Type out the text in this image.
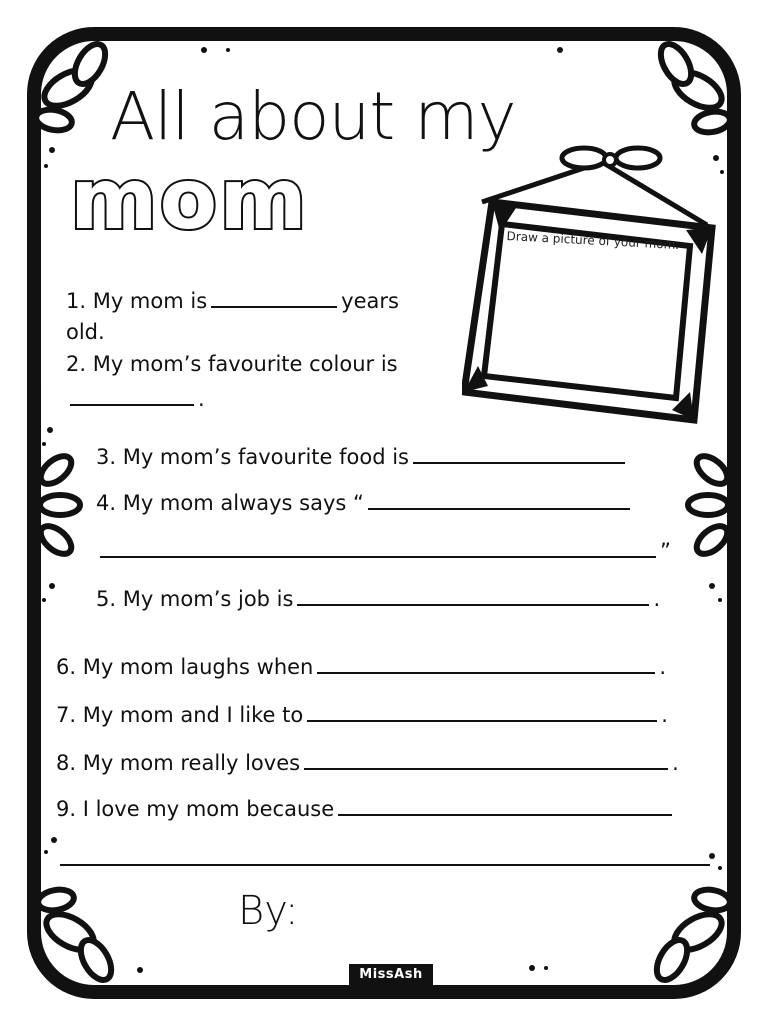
All about my
mom	Draw a picture of your mom.
1. My mom is	years
old.
2. My mom’s favourite colour is
.
3. My mom’s favourite food is
4. My mom always says “
”
5. My mom’s job is	.
6. My mom laughs when	.
7. My mom and I like to	.
8. My mom really loves	.
9. I love my mom because
By:
MissAsh
